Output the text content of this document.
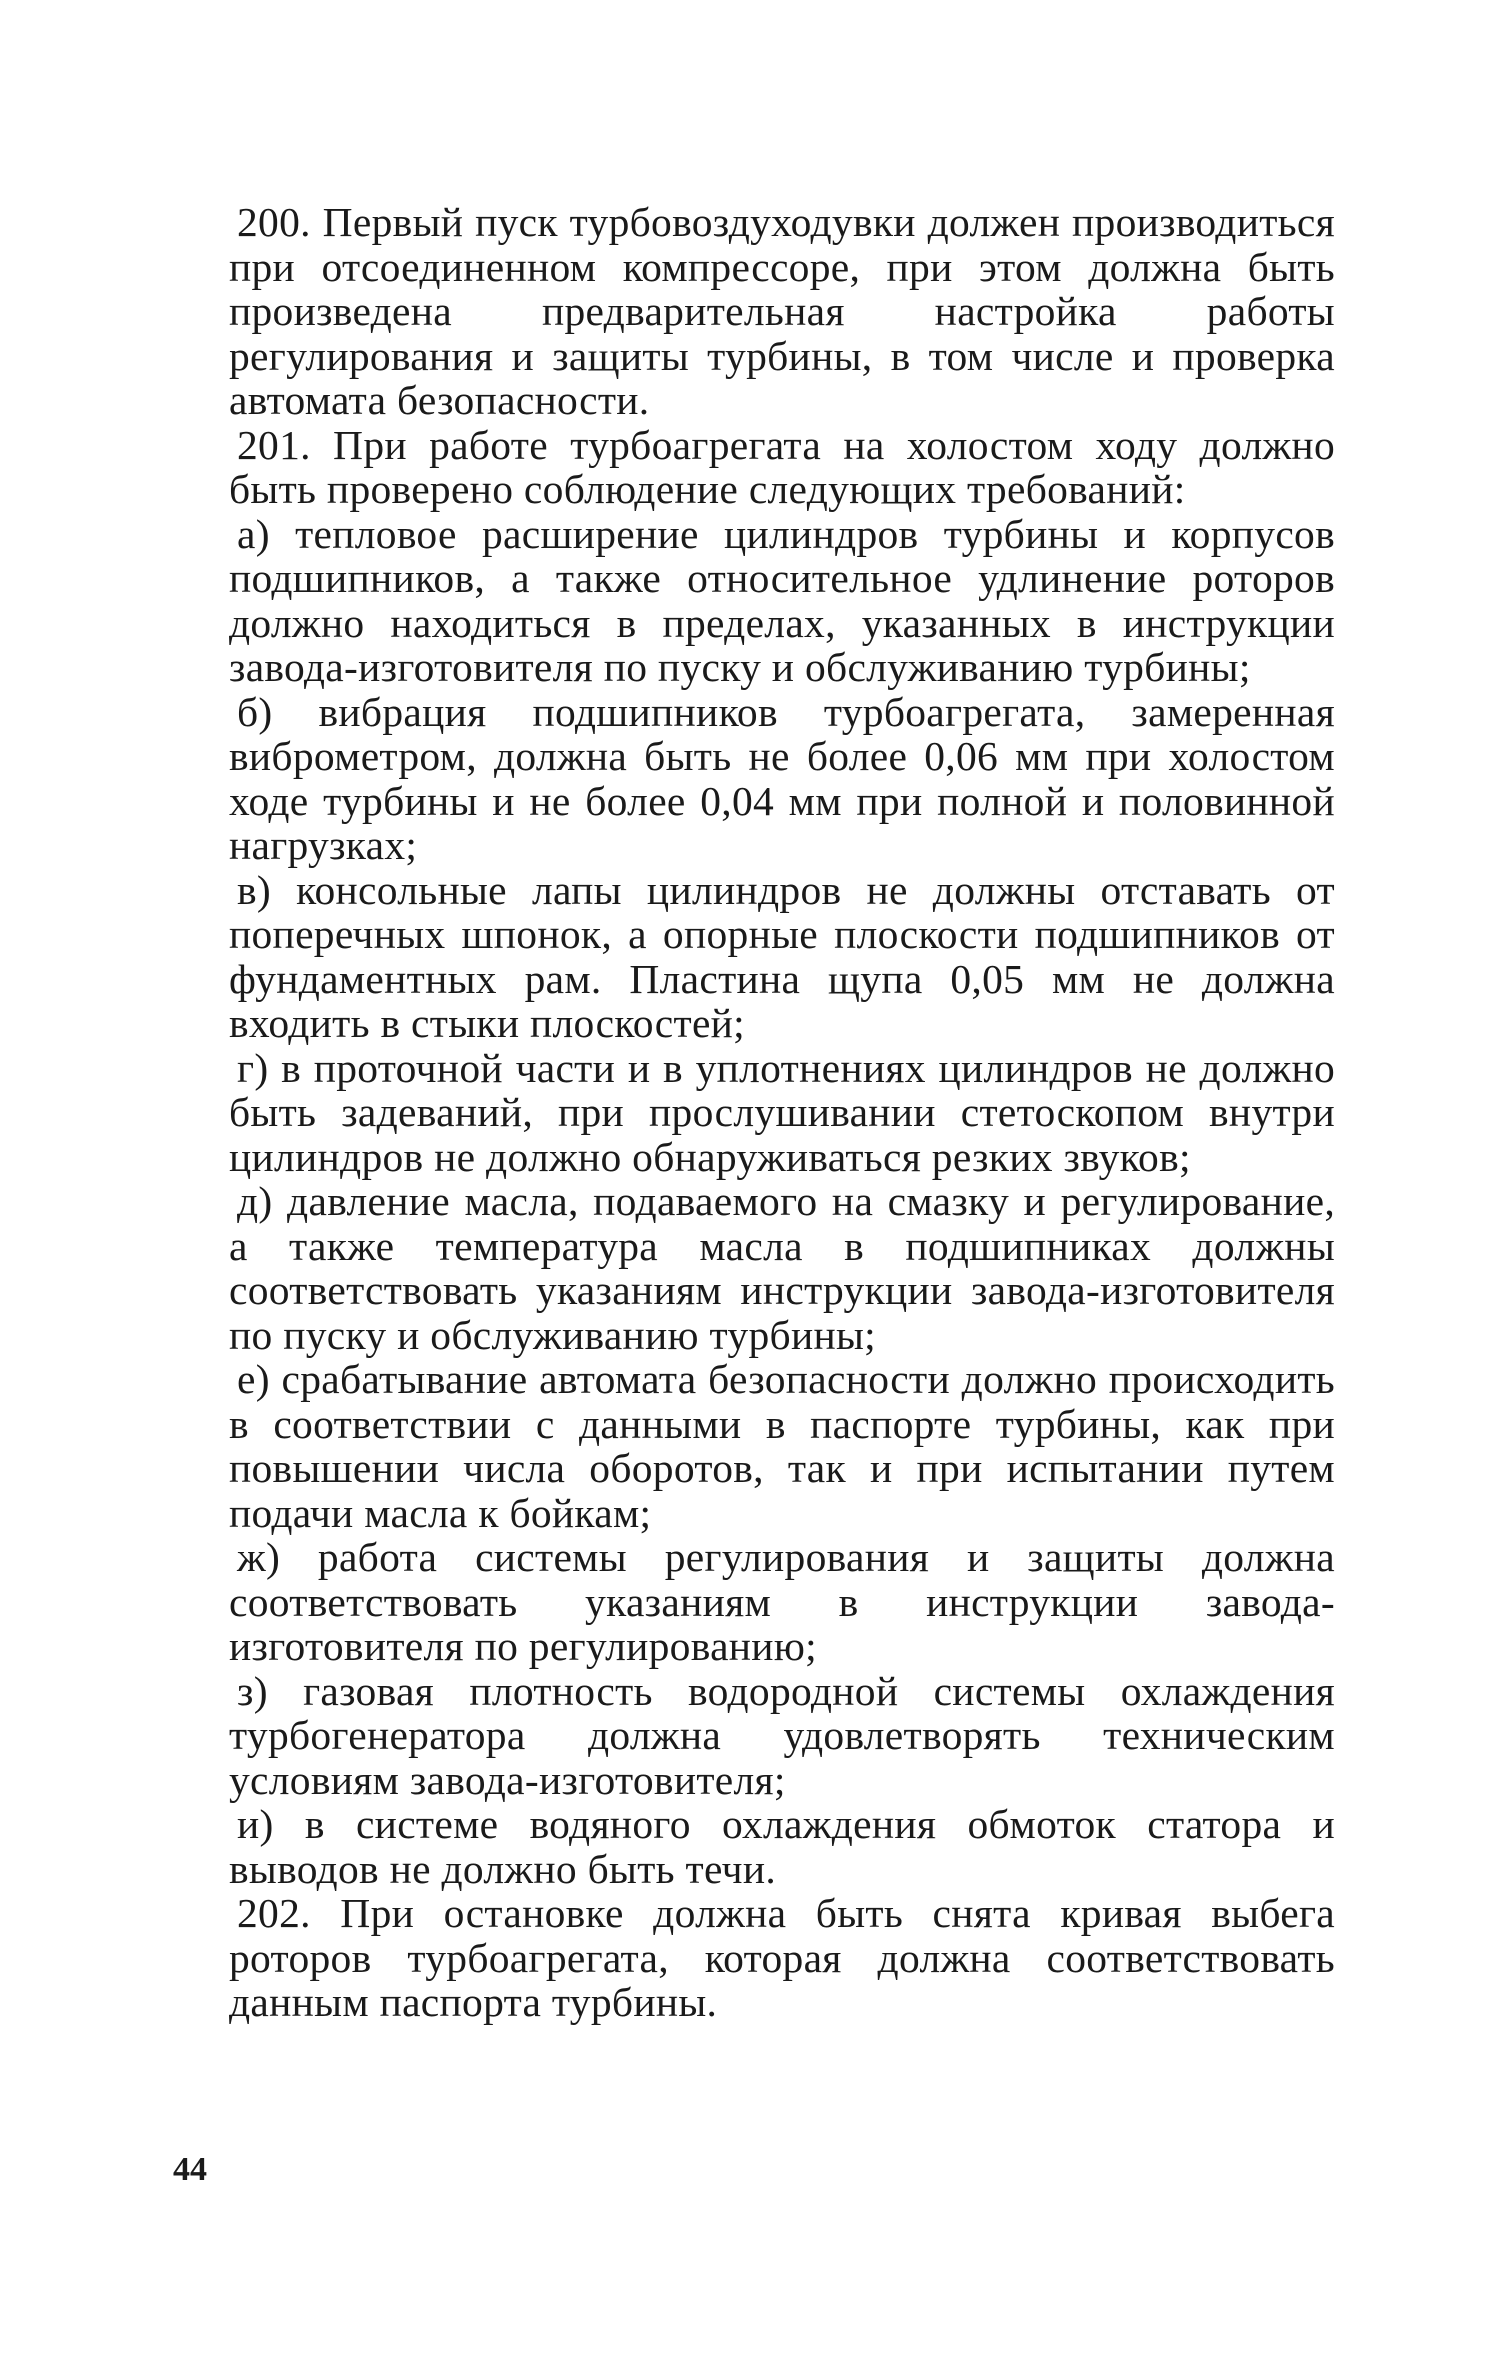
200. Первый пуск турбовоздуходувки должен производиться при отсоединенном компрессоре, при этом должна быть произведена предварительная настройка работы регулирования и защиты турбины, в том числе и проверка автомата безопасности.

201. При работе турбоагрегата на холостом ходу должно быть проверено соблюдение следующих требований:

а) тепловое расширение цилиндров турбины и корпусов подшипников, а также относительное удлинение роторов должно находиться в пределах, указанных в инструкции завода-изготовителя по пуску и обслуживанию турбины;

б) вибрация подшипников турбоагрегата, замеренная виброметром, должна быть не более 0,06 мм при холостом ходе турбины и не более 0,04 мм при полной и половинной нагрузках;

в) консольные лапы цилиндров не должны отставать от поперечных шпонок, а опорные плоскости подшипников от фундаментных рам. Пластина щупа 0,05 мм не должна входить в стыки плоскостей;

г) в проточной части и в уплотнениях цилиндров не должно быть задеваний, при прослушивании стетоскопом внутри цилиндров не должно обнаруживаться резких звуков;

д) давление масла, подаваемого на смазку и регулирование, а также температура масла в подшипниках должны соответствовать указаниям инструкции завода-изготовителя по пуску и обслуживанию турбины;

е) срабатывание автомата безопасности должно происходить в соответствии с данными в паспорте турбины, как при повышении числа оборотов, так и при испытании путем подачи масла к бойкам;

ж) работа системы регулирования и защиты должна соответствовать указаниям в инструкции завода-изготовителя по регулированию;

з) газовая плотность водородной системы охлаждения турбогенератора должна удовлетворять техническим условиям завода-изготовителя;

и) в системе водяного охлаждения обмоток статора и выводов не должно быть течи.

202. При остановке должна быть снята кривая выбега роторов турбоагрегата, которая должна соответствовать данным паспорта турбины.

44
